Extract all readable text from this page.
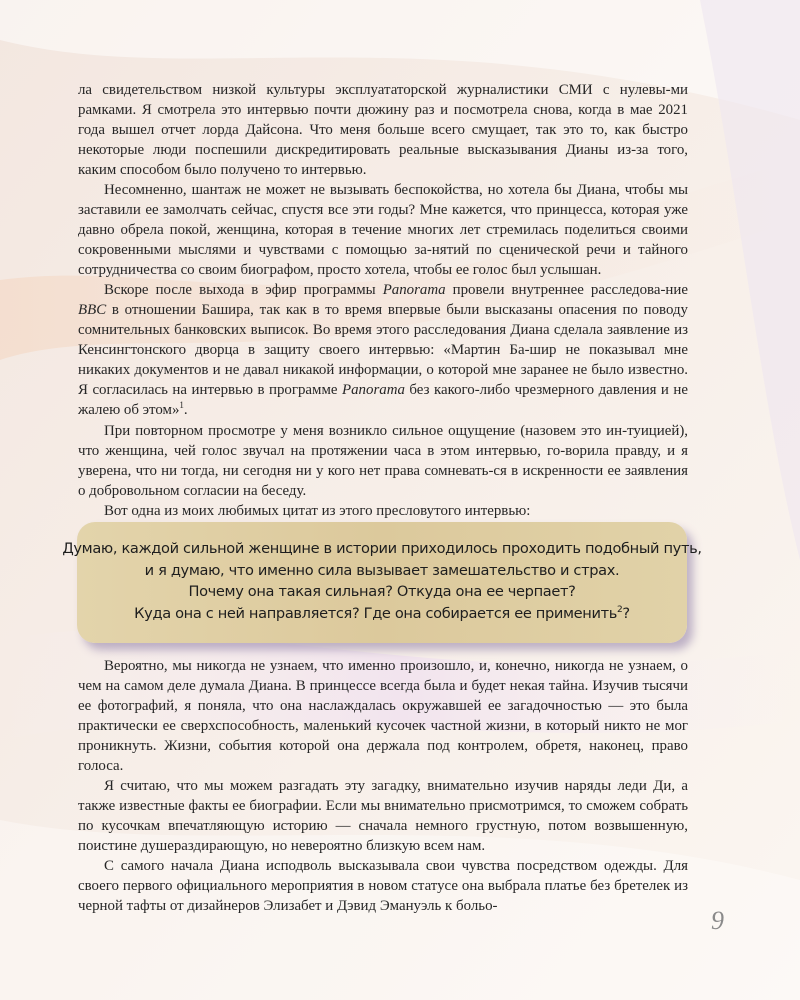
ла свидетельством низкой культуры эксплуататорской журналистики СМИ с нулевы-ми рамками. Я смотрела это интервью почти дюжину раз и посмотрела снова, когда в мае 2021 года вышел отчет лорда Дайсона. Что меня больше всего смущает, так это то, как быстро некоторые люди поспешили дискредитировать реальные высказывания Дианы из-за того, каким способом было получено то интервью.

Несомненно, шантаж не может не вызывать беспокойства, но хотела бы Диана, чтобы мы заставили ее замолчать сейчас, спустя все эти годы? Мне кажется, что принцесса, которая уже давно обрела покой, женщина, которая в течение многих лет стремилась поделиться своими сокровенными мыслями и чувствами с помощью за-нятий по сценической речи и тайного сотрудничества со своим биографом, просто хотела, чтобы ее голос был услышан.

Вскоре после выхода в эфир программы Panorama провели внутреннее расследова-ние BBC в отношении Башира, так как в то время впервые были высказаны опасения по поводу сомнительных банковских выписок. Во время этого расследования Диана сделала заявление из Кенсингтонского дворца в защиту своего интервью: «Мартин Ба-шир не показывал мне никаких документов и не давал никакой информации, о которой мне заранее не было известно. Я согласилась на интервью в программе Panorama без какого-либо чрезмерного давления и не жалею об этом»$^1$.

При повторном просмотре у меня возникло сильное ощущение (назовем это ин-туицией), что женщина, чей голос звучал на протяжении часа в этом интервью, го-ворила правду, и я уверена, что ни тогда, ни сегодня ни у кого нет права сомневать-ся в искренности ее заявления о добровольном согласии на беседу.

Вот одна из моих любимых цитат из этого пресловутого интервью:

Думаю, каждой сильной женщине в истории приходилось проходить подобный путь,
и я думаю, что именно сила вызывает замешательство и страх.
Почему она такая сильная? Откуда она ее черпает?
Куда она с ней направляется? Где она собирается ее применить$^2$?

Вероятно, мы никогда не узнаем, что именно произошло, и, конечно, никогда не узнаем, о чем на самом деле думала Диана. В принцессе всегда была и будет некая тайна. Изучив тысячи ее фотографий, я поняла, что она наслаждалась окружавшей ее загадочностью — это была практически ее сверхспособность, маленький кусочек частной жизни, в который никто не мог проникнуть. Жизни, события которой она держала под контролем, обретя, наконец, право голоса.

Я считаю, что мы можем разгадать эту загадку, внимательно изучив наряды леди Ди, а также известные факты ее биографии. Если мы внимательно присмотримся, то сможем собрать по кусочкам впечатляющую историю — сначала немного грустную, потом возвышенную, поистине душераздирающую, но невероятно близкую всем нам.

С самого начала Диана исподволь высказывала свои чувства посредством одежды. Для своего первого официального мероприятия в новом статусе она выбрала платье без бретелек из черной тафты от дизайнеров Элизабет и Дэвид Эмануэль к больо-	9
